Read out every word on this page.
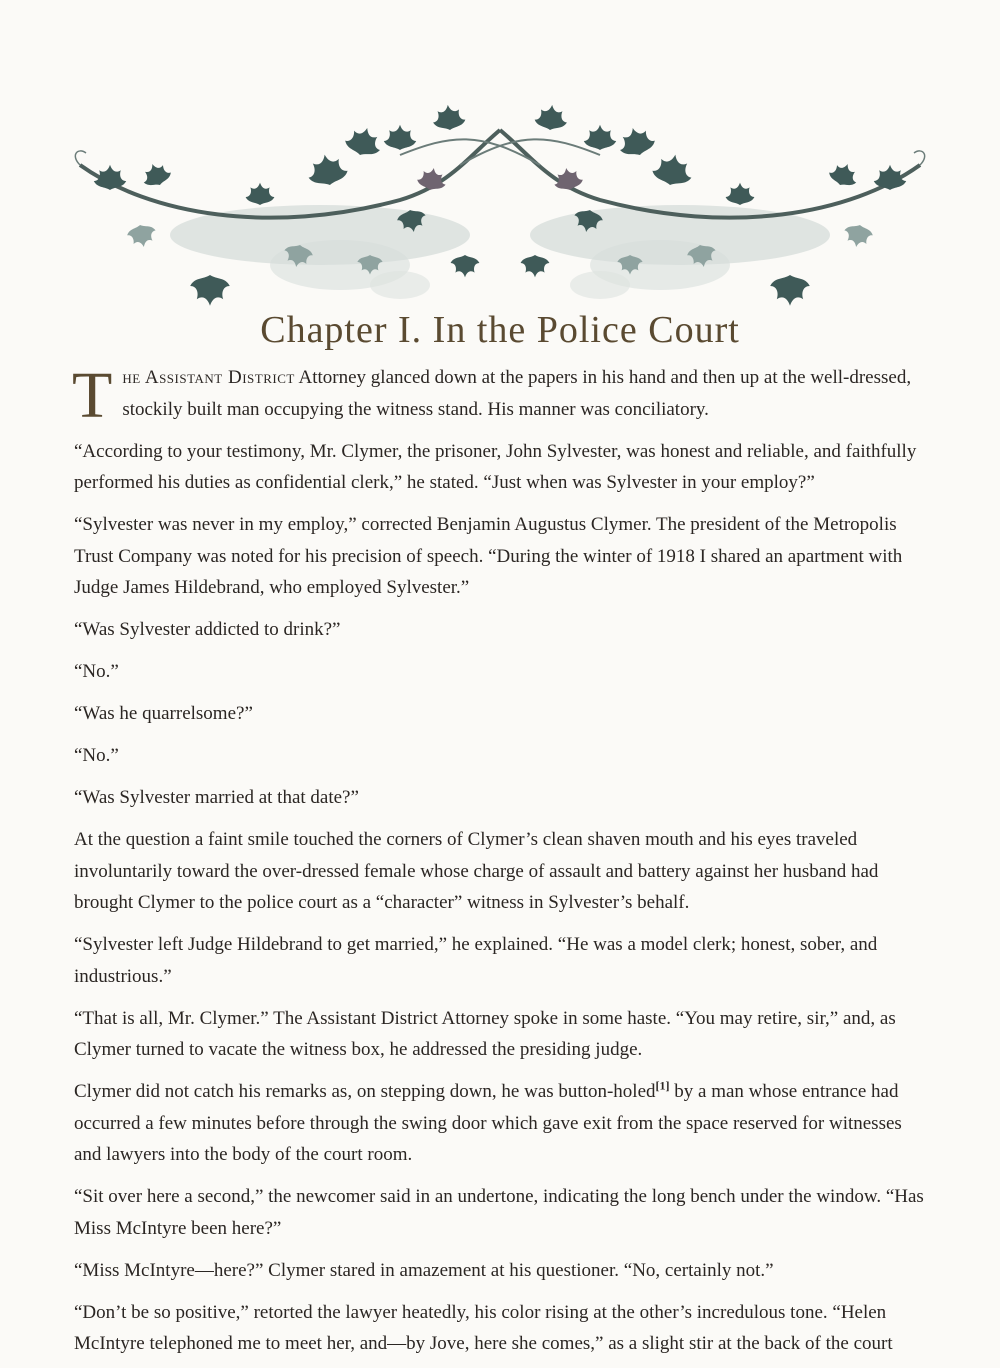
Chapter I. In the Police Court

The Assistant District Attorney glanced down at the papers in his hand and then up at the well-dressed, stockily built man occupying the witness stand. His manner was conciliatory.

“According to your testimony, Mr. Clymer, the prisoner, John Sylvester, was honest and reliable, and faithfully performed his duties as confidential clerk,” he stated. “Just when was Sylvester in your employ?”

“Sylvester was never in my employ,” corrected Benjamin Augustus Clymer. The president of the Metropolis Trust Company was noted for his precision of speech. “During the winter of 1918 I shared an apartment with Judge James Hildebrand, who employed Sylvester.”

“Was Sylvester addicted to drink?”

“No.”

“Was he quarrelsome?”

“No.”

“Was Sylvester married at that date?”

At the question a faint smile touched the corners of Clymer’s clean shaven mouth and his eyes traveled involuntarily toward the over-dressed female whose charge of assault and battery against her husband had brought Clymer to the police court as a “character” witness in Sylvester’s behalf.

“Sylvester left Judge Hildebrand to get married,” he explained. “He was a model clerk; honest, sober, and industrious.”

“That is all, Mr. Clymer.” The Assistant District Attorney spoke in some haste. “You may retire, sir,” and, as Clymer turned to vacate the witness box, he addressed the presiding judge.

Clymer did not catch his remarks as, on stepping down, he was button-holed[1] by a man whose entrance had occurred a few minutes before through the swing door which gave exit from the space reserved for witnesses and lawyers into the body of the court room.

“Sit over here a second,” the newcomer said in an undertone, indicating the long bench under the window. “Has Miss McIntyre been here?”

“Miss McIntyre—here?” Clymer stared in amazement at his questioner. “No, certainly not.”

“Don’t be so positive,” retorted the lawyer heatedly, his color rising at the other’s incredulous tone. “Helen McIntyre telephoned me to meet her, and—by Jove, here she comes,” as a slight stir at the back of the court
